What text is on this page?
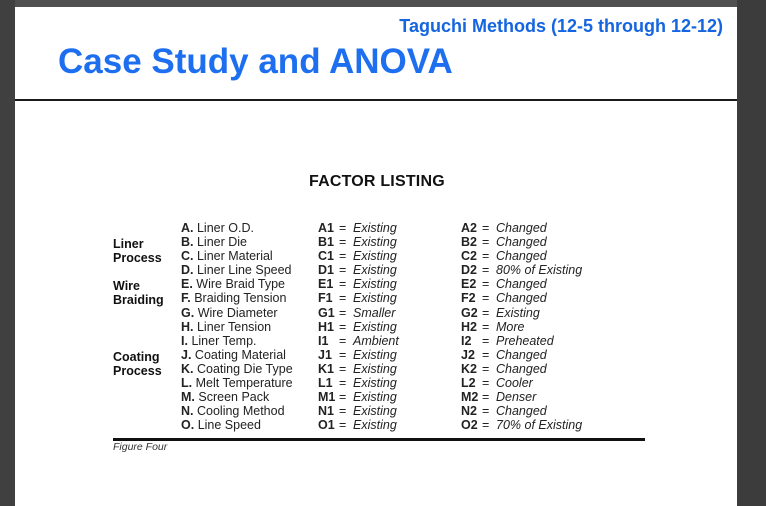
Taguchi Methods (12-5 through 12-12)

Case Study and ANOVA
FACTOR LISTING
Liner
Process
Wire
Braiding
Coating
Process
A. Liner O.D.
B. Liner Die
C. Liner Material
D. Liner Line Speed
E. Wire Braid Type
F. Braiding Tension
G. Wire Diameter
H. Liner Tension
I. Liner Temp.
J. Coating Material
K. Coating Die Type
L. Melt Temperature
M. Screen Pack
N. Cooling Method
O. Line Speed
A1 = Existing
B1 = Existing
C1 = Existing
D1 = Existing
E1 = Existing
F1 = Existing
G1 = Smaller
H1 = Existing
I1 = Ambient
J1 = Existing
K1 = Existing
L1 = Existing
M1 = Existing
N1 = Existing
O1 = Existing
A2 = Changed
B2 = Changed
C2 = Changed
D2 = 80% of Existing
E2 = Changed
F2 = Changed
G2 = Existing
H2 = More
I2 = Preheated
J2 = Changed
K2 = Changed
L2 = Cooler
M2 = Denser
N2 = Changed
O2 = 70% of Existing

Figure Four
